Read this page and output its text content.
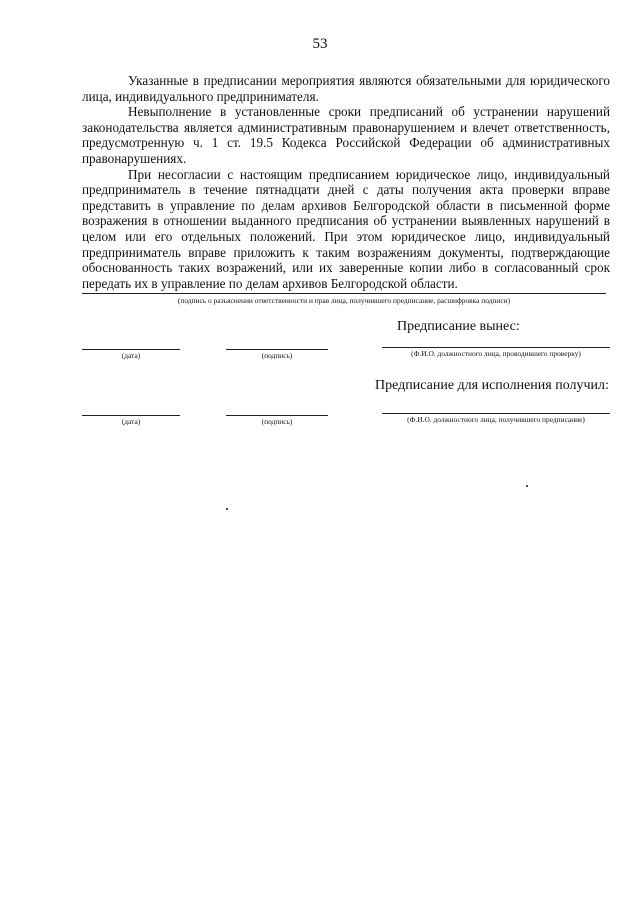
53

Указанные в предписании мероприятия являются обязательными для юридического лица, индивидуального предпринимателя.

Невыполнение в установленные сроки предписаний об устранении нарушений законодательства является административным правонарушением и влечет ответственность, предусмотренную ч. 1 ст. 19.5 Кодекса Российской Федерации об административных правонарушениях.

При несогласии с настоящим предписанием юридическое лицо, индивидуальный предприниматель в течение пятнадцати дней с даты получения акта проверки вправе представить в управление по делам архивов Белгородской области в письменной форме возражения в отношении выданного предписания об устранении выявленных нарушений в целом или его отдельных положений. При этом юридическое лицо, индивидуальный предприниматель вправе приложить к таким возражениям документы, подтверждающие обоснованность таких возражений, или их заверенные копии либо в согласованный срок передать их в управление по делам архивов Белгородской области.

(подпись о разъяснении ответственности и прав лица, получившего предписание, расшифровка подписи)
Предписание вынес:
(дата)	(подпись)	(Ф.И.О. должностного лица, проводившего проверку)
Предписание для исполнения получил:
(дата)	(подпись)	(Ф.И.О. должностного лица, получившего предписание)
